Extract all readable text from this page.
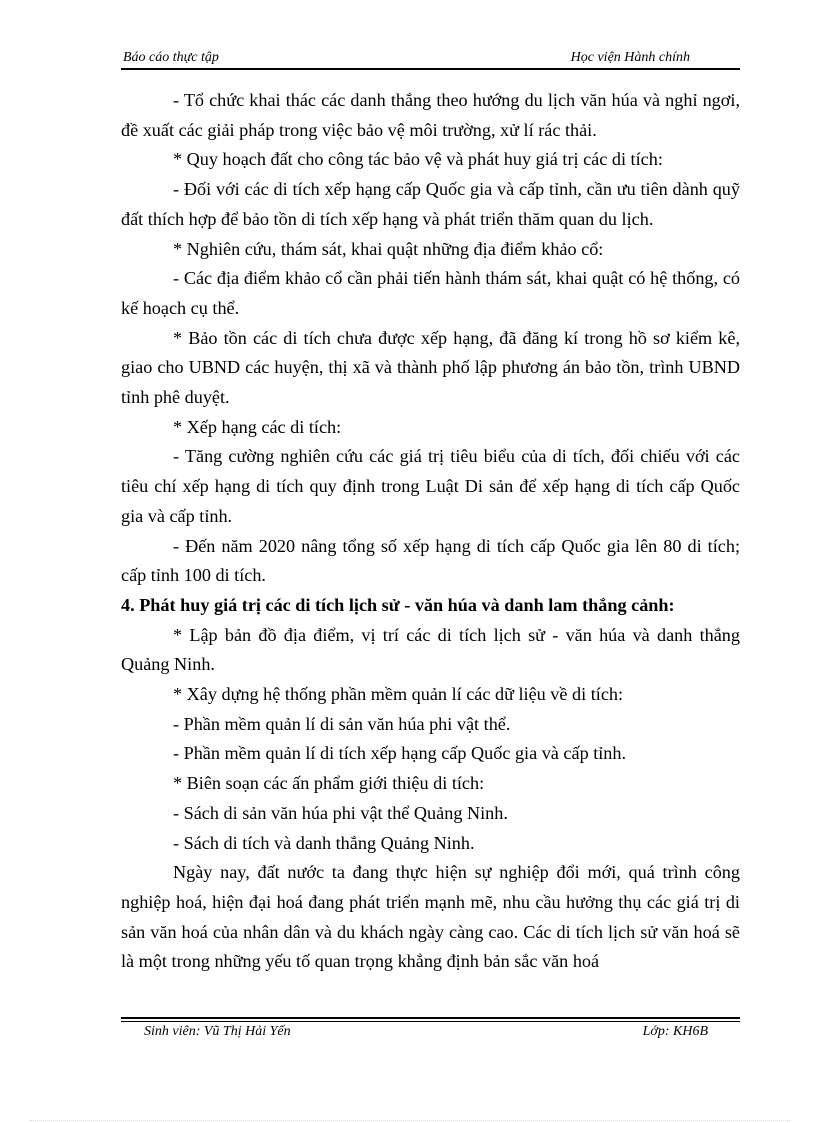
Báo cáo thực tập	Học viện Hành chính

- Tổ chức khai thác các danh thắng theo hướng du lịch văn húa và nghỉ ngơi, đề xuất các giải pháp trong việc bảo vệ môi trường, xử lí rác thải.

* Quy hoạch đất cho công tác bảo vệ và phát huy giá trị các di tích:

- Đối với các di tích xếp hạng cấp Quốc gia và cấp tỉnh, cần ưu tiên dành quỹ đất thích hợp để bảo tồn di tích xếp hạng và phát triển thăm quan du lịch.

* Nghiên cứu, thám sát, khai quật những địa điểm khảo cổ:

- Các địa điểm khảo cổ cần phải tiến hành thám sát, khai quật có hệ thống, có kế hoạch cụ thể.

* Bảo tồn các di tích chưa được xếp hạng, đã đăng kí trong hồ sơ kiểm kê, giao cho UBND các huyện, thị xã và thành phố lập phương án bảo tồn, trình UBND tỉnh phê duyệt.

* Xếp hạng các di tích:

- Tăng cường nghiên cứu các giá trị tiêu biểu của di tích, đối chiếu với các tiêu chí xếp hạng di tích quy định trong Luật Di sản để xếp hạng di tích cấp Quốc gia và cấp tỉnh.

- Đến năm 2020 nâng tổng số xếp hạng di tích cấp Quốc gia lên 80 di tích; cấp tỉnh 100 di tích.

4. Phát huy giá trị các di tích lịch sử - văn húa và danh lam thắng cảnh:

* Lập bản đồ địa điểm, vị trí các di tích lịch sử - văn húa và danh thắng Quảng Ninh.

* Xây dựng hệ thống phần mềm quản lí các dữ liệu về di tích:

- Phần mềm quản lí di sản văn húa phi vật thể.

- Phần mềm quản lí di tích xếp hạng cấp Quốc gia và cấp tỉnh.

* Biên soạn các ấn phẩm giới thiệu di tích:

- Sách di sản văn húa phi vật thể Quảng Ninh.

- Sách di tích và danh thắng Quảng Ninh.

Ngày nay, đất nước ta đang thực hiện sự nghiệp đổi mới, quá trình công nghiệp hoá, hiện đại hoá đang phát triển mạnh mẽ, nhu cầu hưởng thụ các giá trị di sản văn hoá của nhân dân và du khách ngày càng cao. Các di tích lịch sử văn hoá sẽ là một trong những yếu tố quan trọng khẳng định bản sắc văn hoá

Sinh viên: Vũ Thị Hải Yến	Lớp: KH6B
